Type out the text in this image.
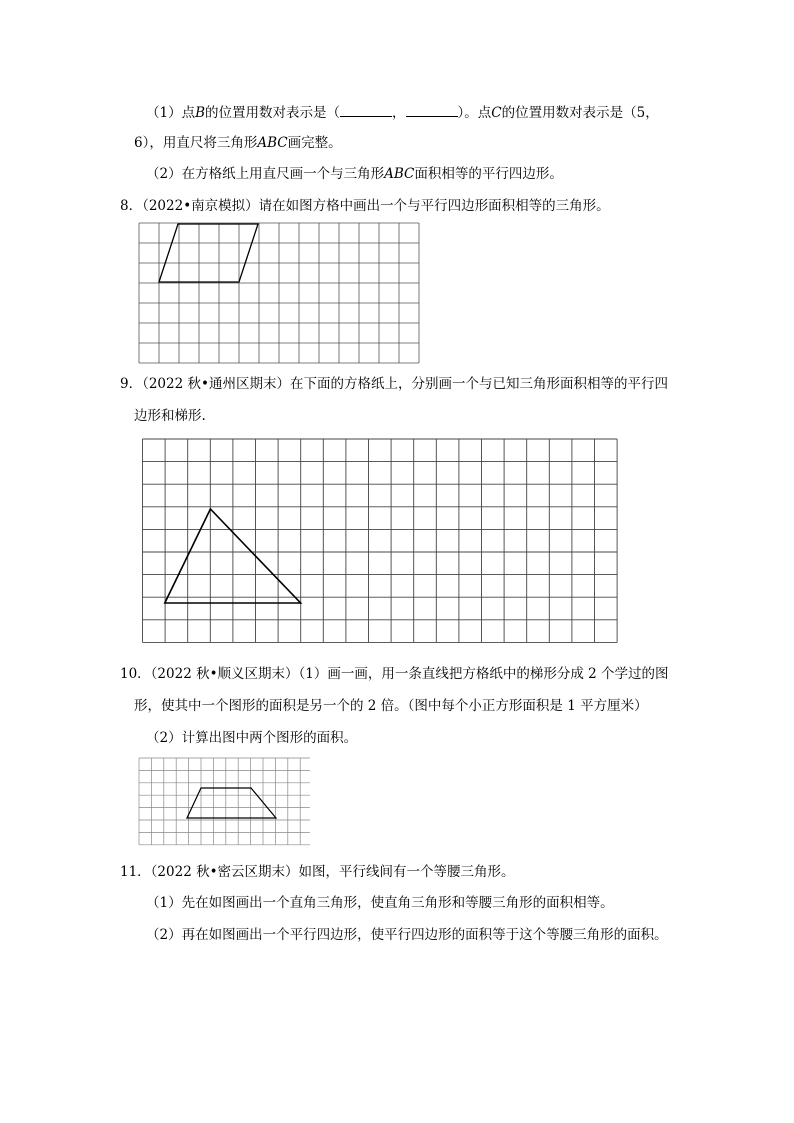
（1）点B的位置用数对表示是（	，	）。点C的位置用数对表示是（5，
6），用直尺将三角形ABC画完整。
（2）在方格纸上用直尺画一个与三角形ABC面积相等的平行四边形。
8．（2022•南京模拟）请在如图方格中画出一个与平行四边形面积相等的三角形。
9．（2022 秋•通州区期末）在下面的方格纸上，分别画一个与已知三角形面积相等的平行四
边形和梯形.
10．（2022 秋•顺义区期末）（1）画一画，用一条直线把方格纸中的梯形分成 2 个学过的图
形，使其中一个图形的面积是另一个的 2 倍。（图中每个小正方形面积是 1 平方厘米）
（2）计算出图中两个图形的面积。
11．（2022 秋•密云区期末）如图，平行线间有一个等腰三角形。
（1）先在如图画出一个直角三角形，使直角三角形和等腰三角形的面积相等。
（2）再在如图画出一个平行四边形，使平行四边形的面积等于这个等腰三角形的面积。
